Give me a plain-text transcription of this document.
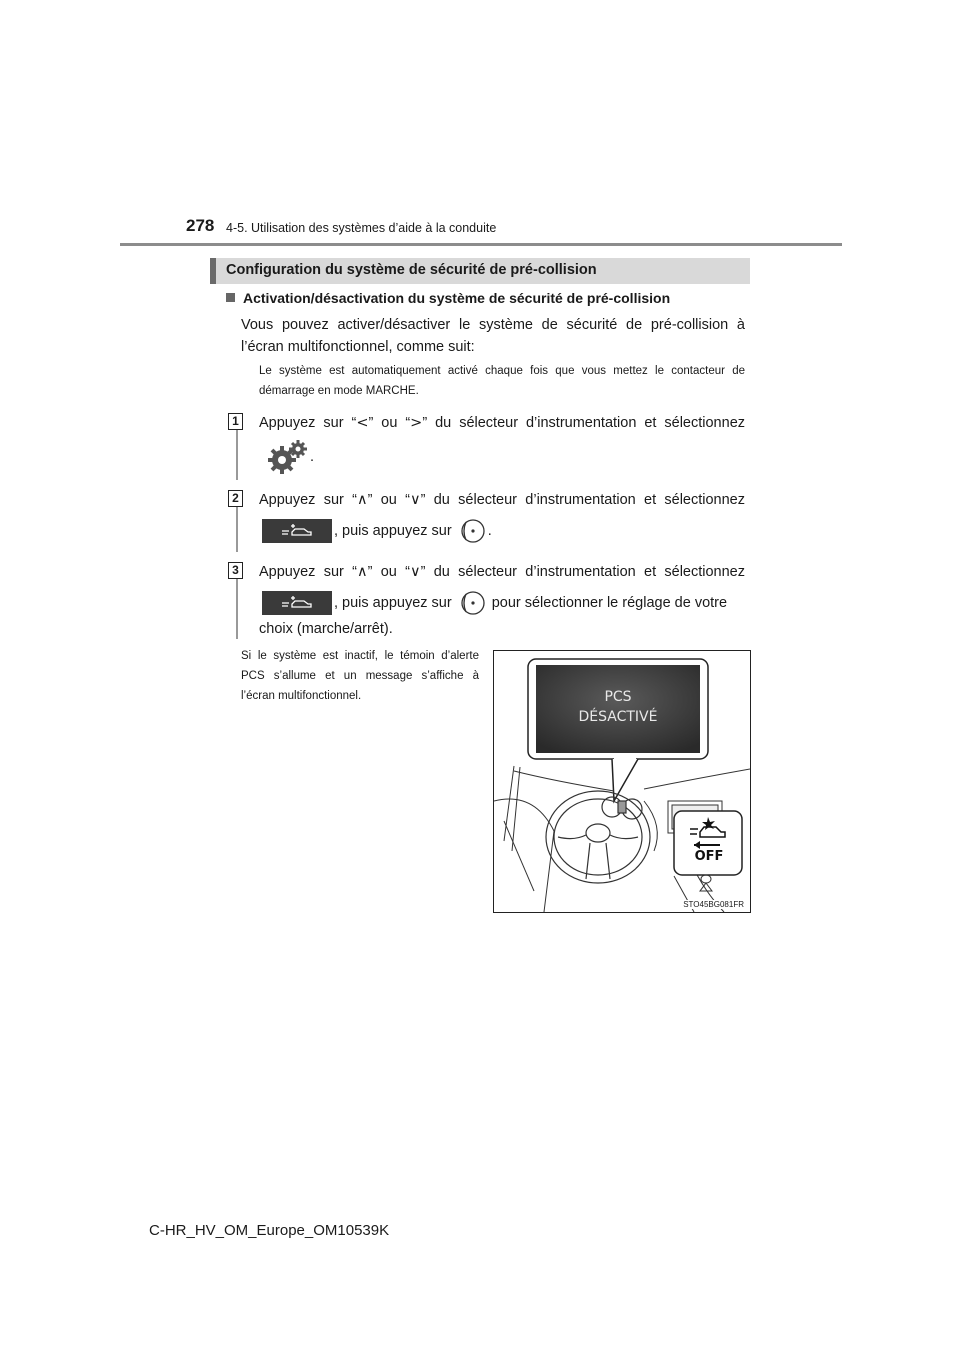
278 4-5. Utilisation des systèmes d’aide à la conduite
Configuration du système de sécurité de pré-collision
Activation/désactivation du système de sécurité de pré-collision
Vous pouvez activer/désactiver le système de sécurité de pré-collision à l’écran multifonctionnel, comme suit:
Le système est automatiquement activé chaque fois que vous mettez le contacteur de démarrage en mode MARCHE.
1 Appuyez sur “<” ou “>” du sélecteur d’instrumentation et sélectionnez
.
2 Appuyez sur “∧” ou “∨” du sélecteur d’instrumentation et sélectionnez
, puis appuyez sur .
3 Appuyez sur “∧” ou “∨” du sélecteur d’instrumentation et sélectionnez
, puis appuyez sur	pour sélectionner le réglage de votre
choix (marche/arrêt).
Si le système est inactif, le témoin d’alerte PCS s’allume et un message s’affiche à l’écran multifonctionnel.	PCS
DÉSACTIVÉ
OFF
STO45BG081FR
C-HR_HV_OM_Europe_OM10539K
